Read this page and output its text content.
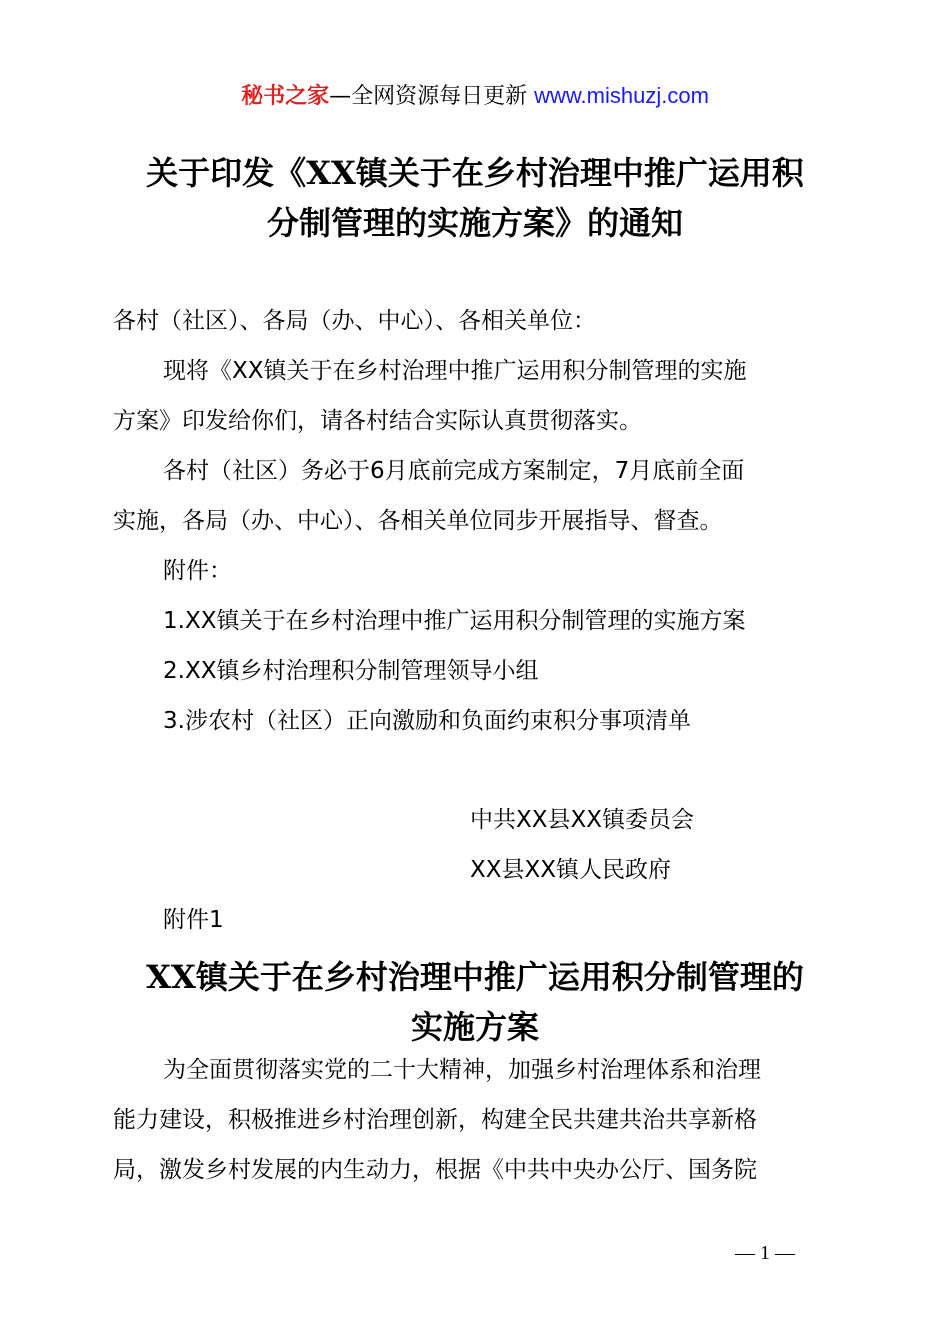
秘书之家—全网资源每日更新 www.mishuzj.com
关于印发《XX镇关于在乡村治理中推广运用积
分制管理的实施方案》的通知

各村（社区）、各局（办、中心）、各相关单位：

现将《XX镇关于在乡村治理中推广运用积分制管理的实施

方案》印发给你们，请各村结合实际认真贯彻落实。

各村（社区）务必于6月底前完成方案制定，7月底前全面

实施，各局（办、中心）、各相关单位同步开展指导、督查。

附件：

1.XX镇关于在乡村治理中推广运用积分制管理的实施方案

2.XX镇乡村治理积分制管理领导小组

3.涉农村（社区）正向激励和负面约束积分事项清单

中共XX县XX镇委员会

XX县XX镇人民政府

附件1

XX镇关于在乡村治理中推广运用积分制管理的
实施方案

为全面贯彻落实党的二十大精神，加强乡村治理体系和治理

能力建设，积极推进乡村治理创新，构建全民共建共治共享新格

局，激发乡村发展的内生动力，根据《中共中央办公厅、国务院

— 1 —
